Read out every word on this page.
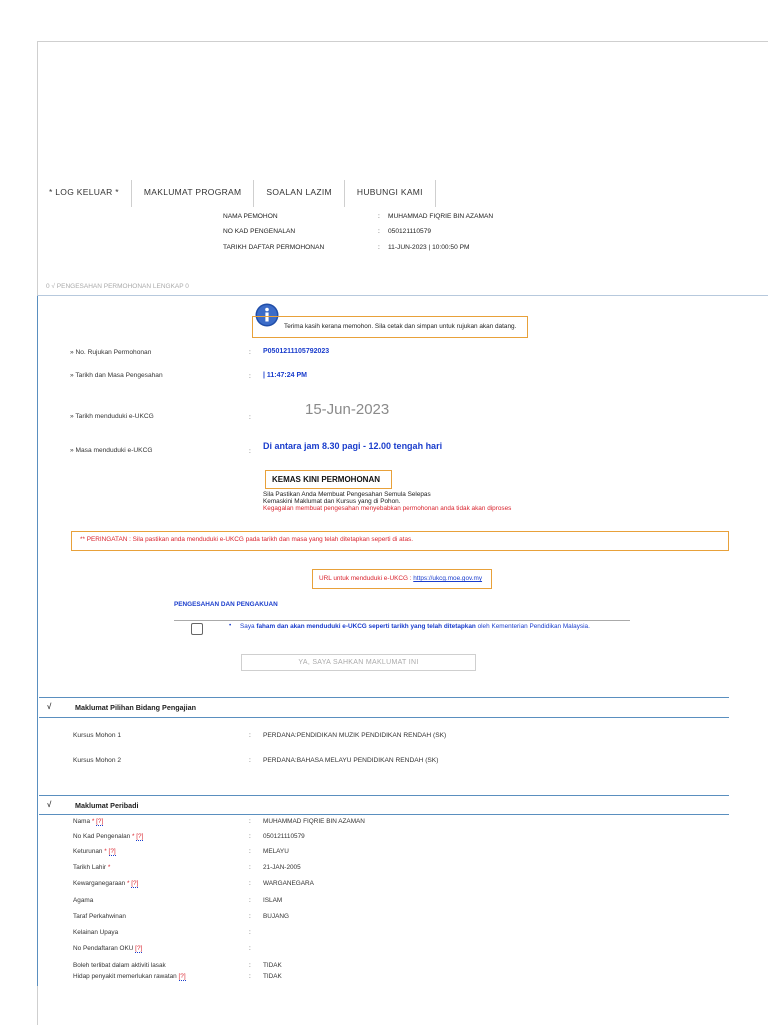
* LOG KELUAR *	MAKLUMAT PROGRAM	SOALAN LAZIM	HUBUNGI KAMI
NAMA PEMOHON	: MUHAMMAD FIQRIE BIN AZAMAN
NO KAD PENGENALAN	: 050121110579
TARIKH DAFTAR PERMOHONAN	: 11-JUN-2023 | 10:00:50 PM
0 √ PENGESAHAN PERMOHONAN LENGKAP 0
Terima kasih kerana memohon. Sila cetak dan simpan untuk rujukan akan datang.
» No. Rujukan Permohonan	: P0501211105792023
» Tarikh dan Masa Pengesahan	: | 11:47:24 PM
» Tarikh menduduki e-UKCG	:	15-Jun-2023
» Masa menduduki e-UKCG	:
Di antara jam 8.30 pagi - 12.00 tengah hari
KEMAS KINI PERMOHONAN
Sila Pastikan Anda Membuat Pengesahan Semula Selepas
Kemaskini Maklumat dan Kursus yang di Pohon.
Kegagalan membuat pengesahan menyebabkan permohonan anda tidak akan diproses
** PERINGATAN : Sila pastikan anda menduduki e-UKCG pada tarikh dan masa yang telah ditetapkan seperti di atas.
URL untuk menduduki e-UKCG : https://ukcg.moe.gov.my
PENGESAHAN DAN PENGAKUAN
• Saya faham dan akan menduduki e-UKCG seperti tarikh yang telah ditetapkan oleh Kementerian Pendidikan Malaysia.
YA, SAYA SAHKAN MAKLUMAT INI
√	Maklumat Pilihan Bidang Pengajian
Kursus Mohon 1	: PERDANA:PENDIDIKAN MUZIK PENDIDIKAN RENDAH (SK)
Kursus Mohon 2	: PERDANA:BAHASA MELAYU PENDIDIKAN RENDAH (SK)
√	Maklumat Peribadi
Nama * [?]	: MUHAMMAD FIQRIE BIN AZAMAN
No Kad Pengenalan * [?]	: 050121110579
Keturunan * [?]	: MELAYU
Tarikh Lahir *	: 21-JAN-2005
Kewarganegaraan * [?]	: WARGANEGARA
Agama	: ISLAM
Taraf Perkahwinan	: BUJANG
Kelainan Upaya	:
No Pendaftaran OKU [?]	:
Boleh terlibat dalam aktiviti lasak	: TIDAK
Hidap penyakit memerlukan rawatan [?]	: TIDAK
